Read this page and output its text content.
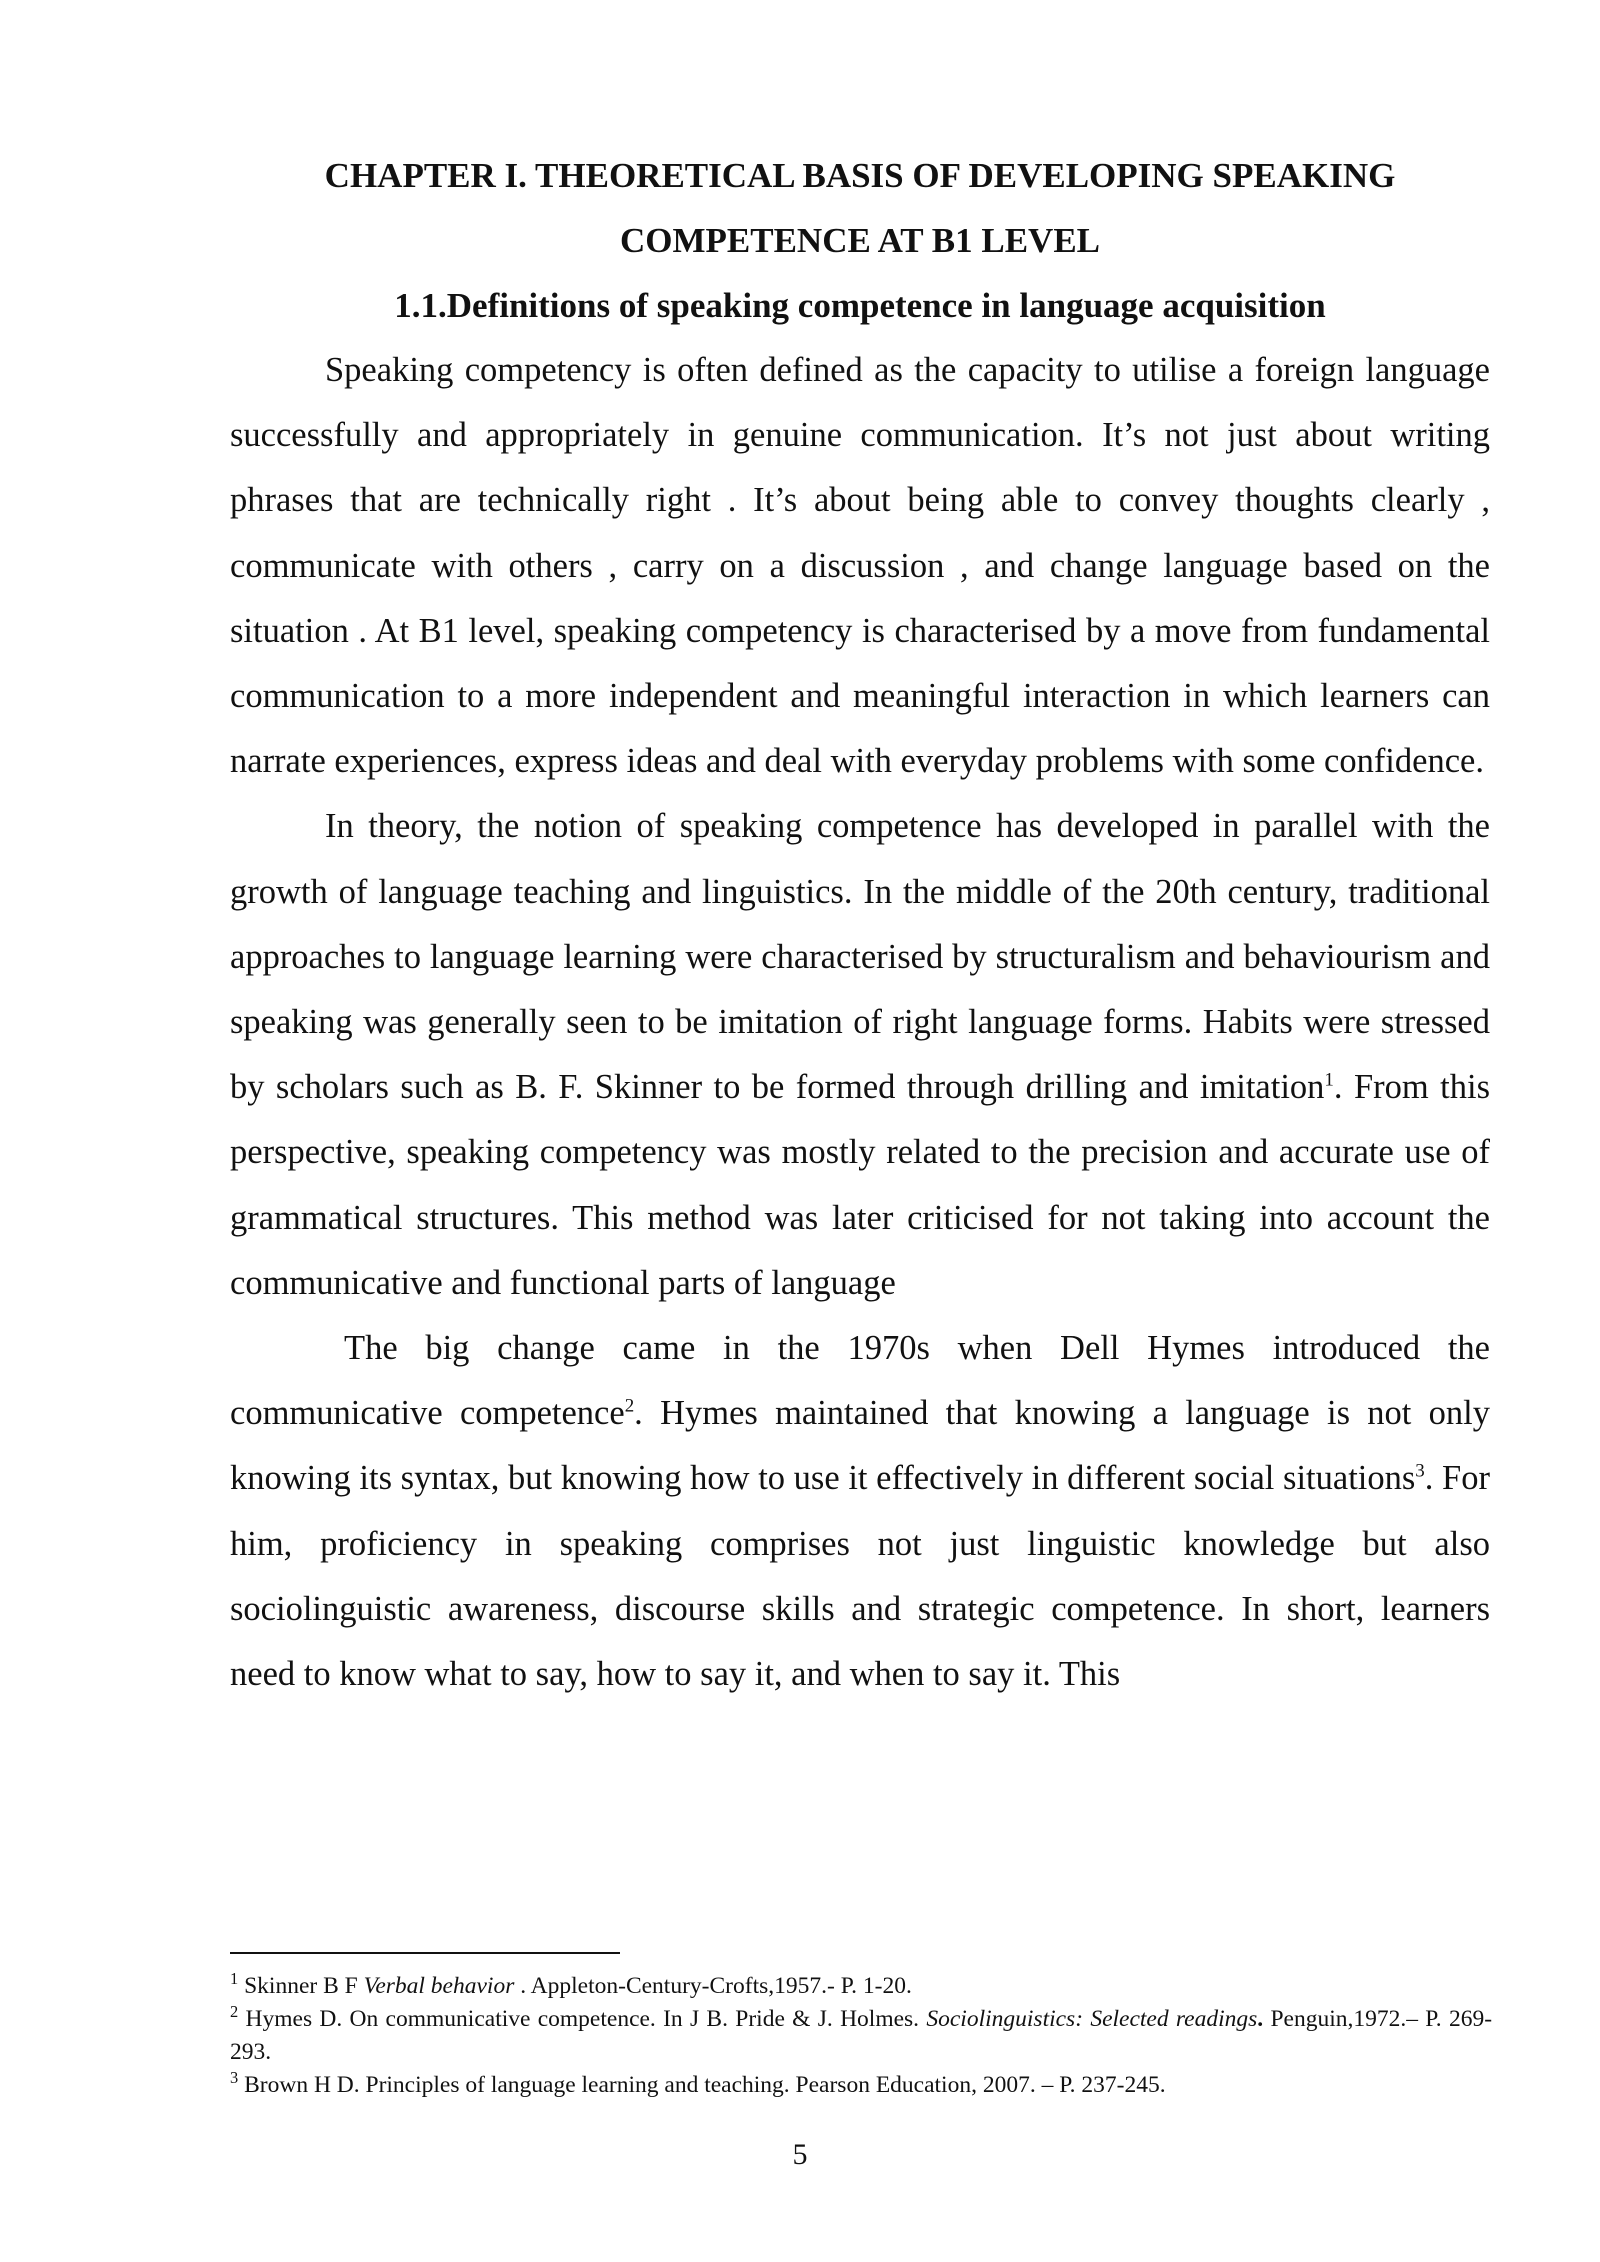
CHAPTER I. THEORETICAL BASIS OF DEVELOPING SPEAKING COMPETENCE AT B1 LEVEL
1.1.Definitions of speaking competence in language acquisition

Speaking competency is often defined as the capacity to utilise a foreign language successfully and appropriately in genuine communication. It’s not just about writing phrases that are technically right . It’s about being able to convey thoughts clearly , communicate with others , carry on a discussion , and change language based on the situation . At B1 level, speaking competency is characterised by a move from fundamental communication to a more independent and meaningful interaction in which learners can narrate experiences, express ideas and deal with everyday problems with some confidence.

In theory, the notion of speaking competence has developed in parallel with the growth of language teaching and linguistics. In the middle of the 20th century, traditional approaches to language learning were characterised by structuralism and behaviourism and speaking was generally seen to be imitation of right language forms. Habits were stressed by scholars such as B. F. Skinner to be formed through drilling and imitation$^1$. From this perspective, speaking competency was mostly related to the precision and accurate use of grammatical structures. This method was later criticised for not taking into account the communicative and functional parts of language

The big change came in the 1970s when Dell Hymes introduced the communicative competence$^2$. Hymes maintained that knowing a language is not only knowing its syntax, but knowing how to use it effectively in different social situations$^3$. For him, proficiency in speaking comprises not just linguistic knowledge but also sociolinguistic awareness, discourse skills and strategic competence. In short, learners need to know what to say, how to say it, and when to say it. This

$^1$ Skinner B F Verbal behavior . Appleton-Century-Crofts,1957.- P. 1-20.

$^2$ Hymes D. On communicative competence. In J B. Pride & J. Holmes. Sociolinguistics: Selected readings. Penguin,1972.– P. 269-293.

$^3$ Brown H D. Principles of language learning and teaching. Pearson Education, 2007. – P. 237-245.

5
